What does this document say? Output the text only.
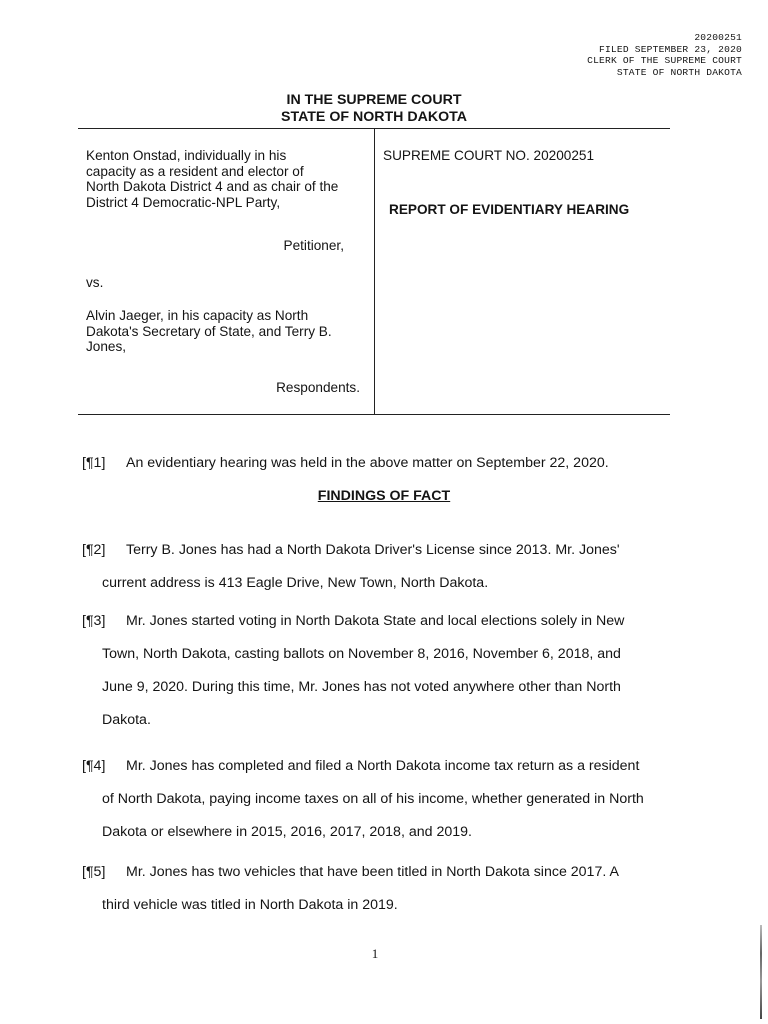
20200251
FILED SEPTEMBER 23, 2020
CLERK OF THE SUPREME COURT
STATE OF NORTH DAKOTA
IN THE SUPREME COURT
STATE OF NORTH DAKOTA
Kenton Onstad, individually in his
capacity as a resident and elector of
North Dakota District 4 and as chair of the
District 4 Democratic-NPL Party,
Petitioner,
vs.
Alvin Jaeger, in his capacity as North
Dakota's Secretary of State, and Terry B.
Jones,
Respondents.
SUPREME COURT NO. 20200251
REPORT OF EVIDENTIARY HEARING
[¶1] An evidentiary hearing was held in the above matter on September 22, 2020.
FINDINGS OF FACT
[¶2] Terry B. Jones has had a North Dakota Driver's License since 2013. Mr. Jones'
current address is 413 Eagle Drive, New Town, North Dakota.
[¶3] Mr. Jones started voting in North Dakota State and local elections solely in New
Town, North Dakota, casting ballots on November 8, 2016, November 6, 2018, and
June 9, 2020. During this time, Mr. Jones has not voted anywhere other than North
Dakota.
[¶4] Mr. Jones has completed and filed a North Dakota income tax return as a resident
of North Dakota, paying income taxes on all of his income, whether generated in North
Dakota or elsewhere in 2015, 2016, 2017, 2018, and 2019.
[¶5] Mr. Jones has two vehicles that have been titled in North Dakota since 2017. A
third vehicle was titled in North Dakota in 2019.
1
